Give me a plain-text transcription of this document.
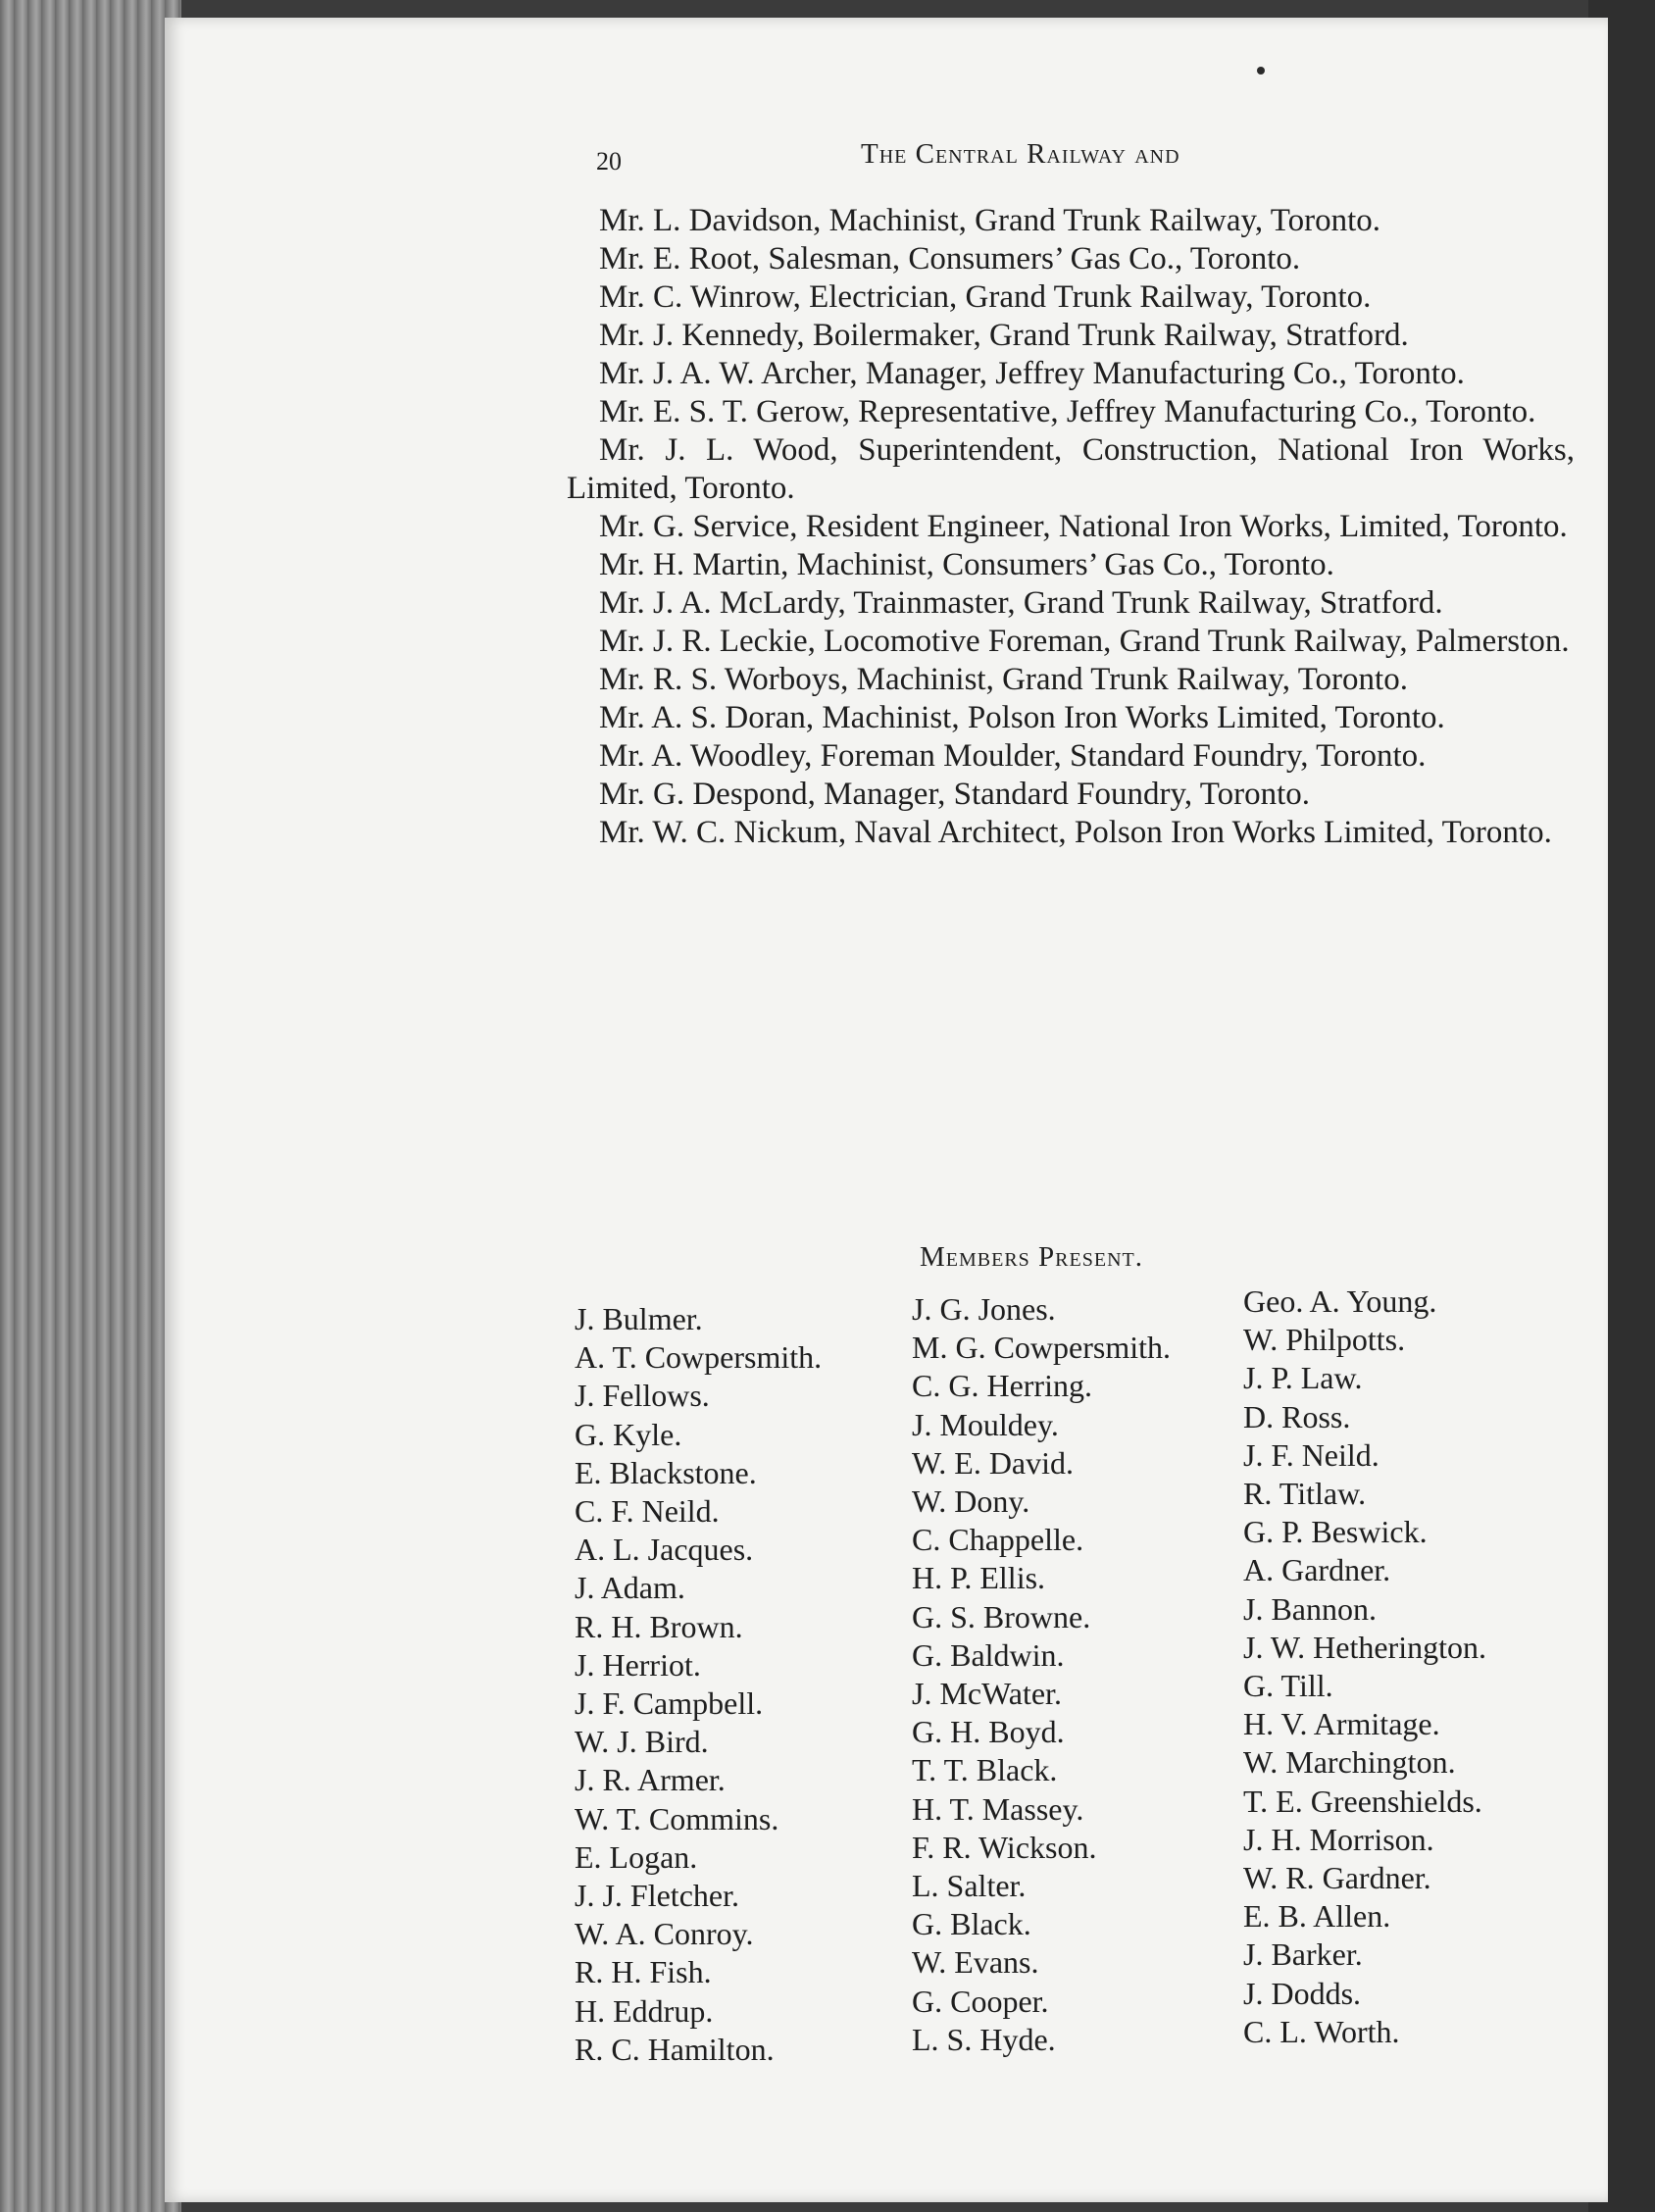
20	The Central Railway and

Mr. L. Davidson, Machinist, Grand Trunk Railway, Toronto.

Mr. E. Root, Salesman, Consumers’ Gas Co., Toronto.

Mr. C. Winrow, Electrician, Grand Trunk Railway, Toronto.

Mr. J. Kennedy, Boilermaker, Grand Trunk Railway, Stratford.

Mr. J. A. W. Archer, Manager, Jeffrey Manufacturing Co., Toronto.

Mr. E. S. T. Gerow, Representative, Jeffrey Manufacturing Co., Toronto.

Mr. J. L. Wood, Superintendent, Construction, National Iron Works, Limited, Toronto.

Mr. G. Service, Resident Engineer, National Iron Works, Limited, Toronto.

Mr. H. Martin, Machinist, Consumers’ Gas Co., Toronto.

Mr. J. A. McLardy, Trainmaster, Grand Trunk Railway, Stratford.

Mr. J. R. Leckie, Locomotive Foreman, Grand Trunk Railway, Palmerston.

Mr. R. S. Worboys, Machinist, Grand Trunk Railway, Toronto.

Mr. A. S. Doran, Machinist, Polson Iron Works Limited, Toronto.

Mr. A. Woodley, Foreman Moulder, Standard Foundry, Toronto.

Mr. G. Despond, Manager, Standard Foundry, Toronto.

Mr. W. C. Nickum, Naval Architect, Polson Iron Works Limited, Toronto.

Members Present.
J. Bulmer.
A. T. Cowpersmith.
J. Fellows.
G. Kyle.
E. Blackstone.
C. F. Neild.
A. L. Jacques.
J. Adam.
R. H. Brown.
J. Herriot.
J. F. Campbell.
W. J. Bird.
J. R. Armer.
W. T. Commins.
E. Logan.
J. J. Fletcher.
W. A. Conroy.
R. H. Fish.
H. Eddrup.
R. C. Hamilton.
J. G. Jones.
M. G. Cowpersmith.
C. G. Herring.
J. Mouldey.
W. E. David.
W. Dony.
C. Chappelle.
H. P. Ellis.
G. S. Browne.
G. Baldwin.
J. McWater.
G. H. Boyd.
T. T. Black.
H. T. Massey.
F. R. Wickson.
L. Salter.
G. Black.
W. Evans.
G. Cooper.
L. S. Hyde.
Geo. A. Young.
W. Philpotts.
J. P. Law.
D. Ross.
J. F. Neild.
R. Titlaw.
G. P. Beswick.
A. Gardner.
J. Bannon.
J. W. Hetherington.
G. Till.
H. V. Armitage.
W. Marchington.
T. E. Greenshields.
J. H. Morrison.
W. R. Gardner.
E. B. Allen.
J. Barker.
J. Dodds.
C. L. Worth.
